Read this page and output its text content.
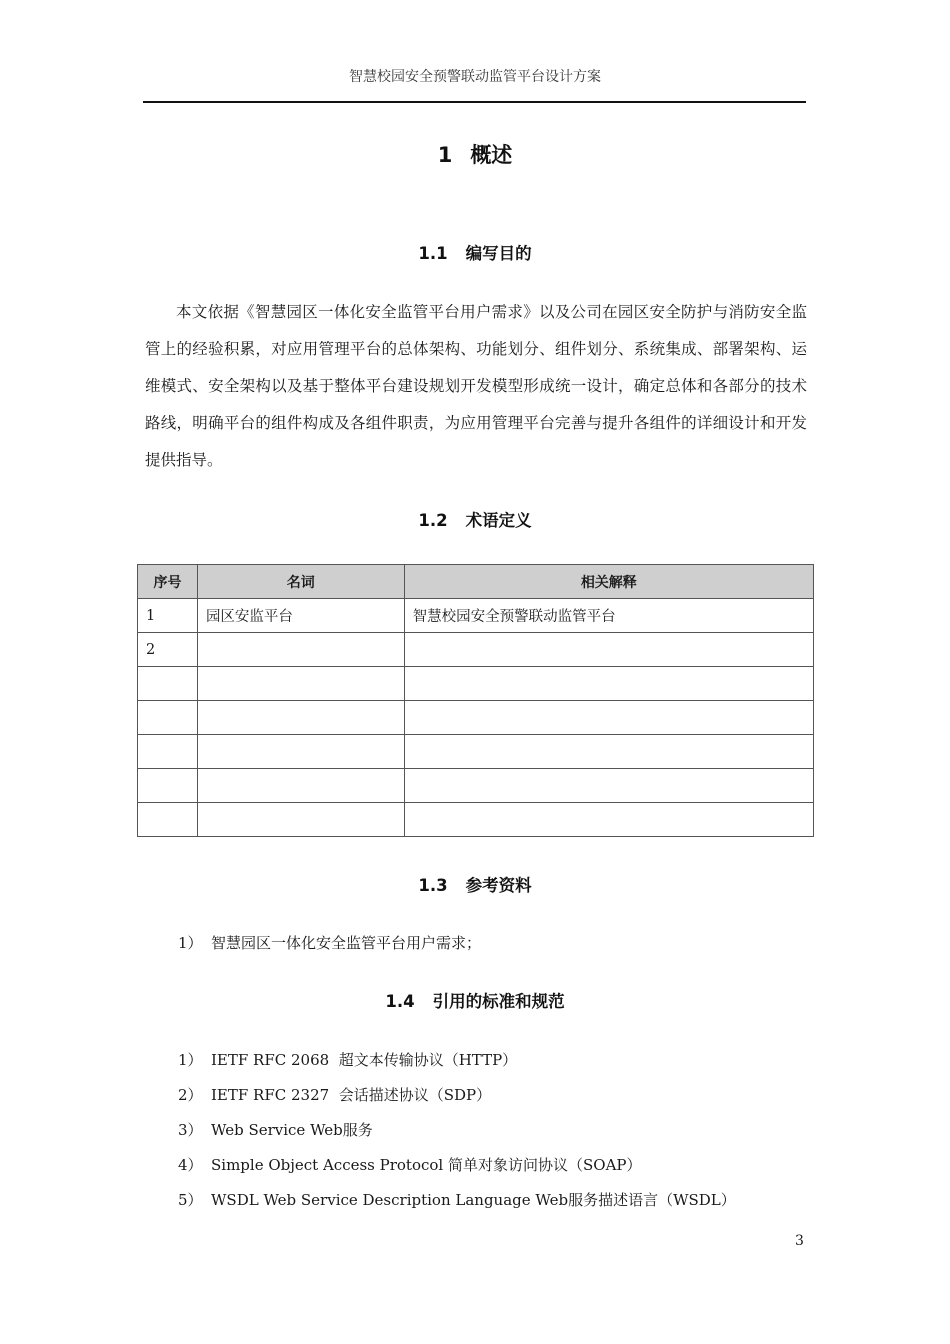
智慧校园安全预警联动监管平台设计方案
1 概述
1.1 编写目的

本文依据《智慧园区一体化安全监管平台用户需求》以及公司在园区安全防护与消防安全监管上的经验积累，对应用管理平台的总体架构、功能划分、组件划分、系统集成、部署架构、运维模式、安全架构以及基于整体平台建设规划开发模型形成统一设计，确定总体和各部分的技术路线，明确平台的组件构成及各组件职责，为应用管理平台完善与提升各组件的详细设计和开发提供指导。

1.2 术语定义
序号	名词	相关解释
1	园区安监平台	智慧校园安全预警联动监管平台
2		

1.3 参考资料
1） 智慧园区一体化安全监管平台用户需求；
1.4 引用的标准和规范
1） IETF RFC 2068  超文本传输协议（HTTP）
2） IETF RFC 2327  会话描述协议（SDP）
3） Web Service Web服务
4） Simple Object Access Protocol 简单对象访问协议（SOAP）
5） WSDL Web Service Description Language Web服务描述语言（WSDL）
3
